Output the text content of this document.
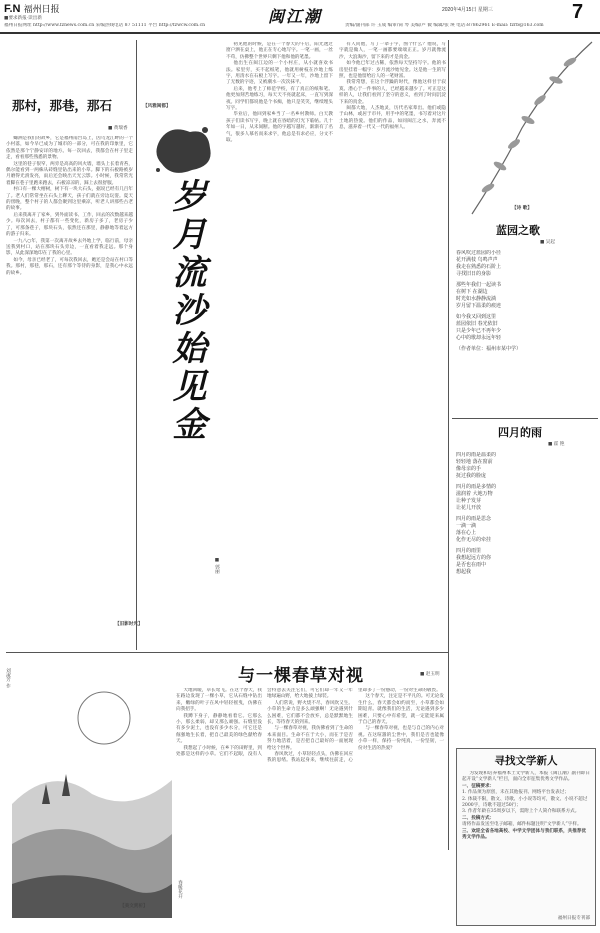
F.N 福州日报
■要求新报·读出新
福州日报网址 http://www.fznews.com.cn 采编热线电话 87 51111 平台 http://fzwcw.com.cn	闽江潮	2020年4月15日 星期三	7
责编/副刊部 许 玉成 编审/简 琴 美编/卢 微 编辑/张 瑛 电话:87862961 E-mail: fzrb@163.com
那村，那巷，那石
■ 黄瑞香

螺洲是我们的故乡，它是福州南台岛上，因乌龙江畔的一个小村落，如今早已成为了城市的一部分，可在我的印象里，它依然是那个宁静安详的地方。每一次回去，我都会在村子里走走，看看那些熟悉的景物。

这里的巷子很窄，两旁是高高的风火墙，墙头上长着青苔，偶尔能看到一两株从砖缝里钻出来的小草。脚下的石板路被岁月磨得光滑发亮，雨后还会映出天光云影。小时候，我常常光着脚在巷子里跑来跑去，石板凉凉的，踩上去很舒服。

村口有一棵大榕树，树下有一块大石头，据说已经有几百年了。老人们常常坐在石头上聊天，孩子们就在旁边玩耍。夏天的傍晚，整个村子的人都会聚到这里乘凉，听老人讲那些古老的故事。

后来我离开了家乡，到外面读书、工作，回去的次数越来越少。每次回去，村子都有一些变化，新房子多了，老房子少了，可那条巷子，那块石头，依然还在那里，静静地等着远方的游子归来。

一九八○年，我第一次离开故乡去外地上学，临行前，母亲送我到村口，站在那块石头旁边，一直看着我走远。那个身影，从此深深地印在了我的心里。

如今，母亲已经老了，可每次我回去，她还是会站在村口等我。那村，那巷，那石，还有那个等待的身影，是我心中永远的故乡。

【旧影时光】
【风雅闽都】
岁月流沙始见金
■ 郭丽

初见他的时候，是在一个春天的午后，阳光透过窗户洒在桌上，他正在专心地写字。一笔一画，一丝不苟，仿佛整个世界只剩下他和他的笔墨。

他出生在闽江边的一个小村庄，从小就喜欢书法。家里穷，买不起纸笔，他就用树枝在沙地上练字，用清水在石板上写字。一年又一年，沙地上留下了无数的字迹，又被潮水一次次抹平。

后来，他考上了师范学校，有了真正的纸和笔。他更加刻苦地练习，每天天不亮就起床，一直写到深夜。同学们都说他是个书痴，他只是笑笑，继续埋头写字。

毕业后，他回到家乡当了一名乡村教师。白天教孩子们读书写字，晚上就在昏暗的灯光下临帖。几十年如一日，从未间断。他的字越写越好，渐渐有了名气，很多人慕名而来求字，他总是有求必应，分文不取。

有人问他，写了一辈子字，图个什么？他说，写字就是做人，一笔一画都要端端正正。岁月就像流沙，大浪淘沙，留下来的才是真金。

如今他已年过古稀，依然每天坚持写字。他的书房里挂着一幅字：岁月流沙始见金。这是他一生的写照，也是他留给后人的一笔财富。

我常常想，在这个浮躁的时代，像他这样甘于寂寞、潜心于一件事的人，已经越来越少了。可正是这样的人，让我们看到了坚守的意义，看到了时间沉淀下来的真金。

闽都大地，人杰地灵，历代名家辈出。他们或隐于山林，或居于市井，用手中的笔墨，书写着对这片土地的热爱。他们的作品，如同闽江之水，奔流不息，滋养着一代又一代的福州人。

【诗 歌】
蓝园之歌
■ 吴起
春风吹过蓝园的小径
花开满枝 鸟鸣声声
我走在熟悉的石阶上
寻找旧日的身影
那些年我们一起读书
在树下 在湖边
时光如水静静流淌
岁月留下温柔的痕迹
如今我又回到这里
蓝园依旧 春光依旧
只是少年已不再年少
心中的歌却永远年轻
（作者单位：福州市某中学）
四月的雨
■ 霍 艳
四月的雨是温柔的
轻轻地 落在窗前
像母亲的手
抚过我的脸庞
四月的雨是多情的
滋润着 大地万物
让种子发芽
让花儿开放
四月的雨是思念
一滴一滴
落在心上
化作无尽的牵挂
四月的雨里
我想起远方的你
是否也在雨中
想起我
刘淑芳 作
春暖花开
与一棵春草对视	■ 赵玉明

大地回暖，草长莺飞。在这个春天，我在路边发现了一棵小草，它从石缝中钻出来，嫩绿的叶子在风中轻轻摇曳，仿佛在向我招手。

我蹲下身子，静静地看着它。它那么小，那么柔弱，却又那么顽强。石缝里没有多少泥土，也没有多少水分，可它还是倔强地生长着，把自己最美的绿色献给春天。

我想起了小时候，在乡下的田野里，到处都是这样的小草。它们不起眼，没有人会特意去关注它们，可它们却一年又一年地绿遍山野，给大地披上绿装。

人们常说，野火烧不尽，春风吹又生。小草的生命力是多么顽强啊！无论遇到什么困难，它们都不会放弃，总是默默地生长，等待春天的到来。

与一棵春草对视，我仿佛看到了生命的本来面目。生命不在于大小，而在于是否努力地活着，是否把自己最好的一面展现给这个世界。

春风吹过，小草轻轻点头，仿佛在回应我的思绪。我站起身来，继续往前走，心里却多了一份感动，一份对生命的敬畏。

这个春天，注定是不平凡的。可无论发生什么，春天都会如约而至，小草都会如期返青。就像我们的生活，无论遇到多少困难，只要心中有希望，就一定能迎来属于自己的春天。

与一棵春草对视，也是与自己的内心对视。在这喧嚣的尘世中，我们是否也能像小草一样，保持一份纯真，一份坚韧，一份对生活的热爱？

【美文赏析】
寻找文学新人

为发现和培养福州本土文学新人，本报《闽江潮》副刊即日起开设“文学新人”栏目，面向全市征集优秀文学作品。

一、征稿要求：
1. 作品须为原创，未在其他报刊、网络平台发表过；
2. 体裁不限，散文、诗歌、小小说等均可，散文、小说不超过2000字，诗歌不超过50行；
3. 作者年龄在35周岁以下，需附上个人简介和联系方式。
二、投稿方式：
请将作品发送至电子邮箱，邮件标题注明“文学新人”字样。
三、欢迎全省各地高校、中学文学团体与我们联系，共推荐优秀文学作品。
福州日报专刊部
